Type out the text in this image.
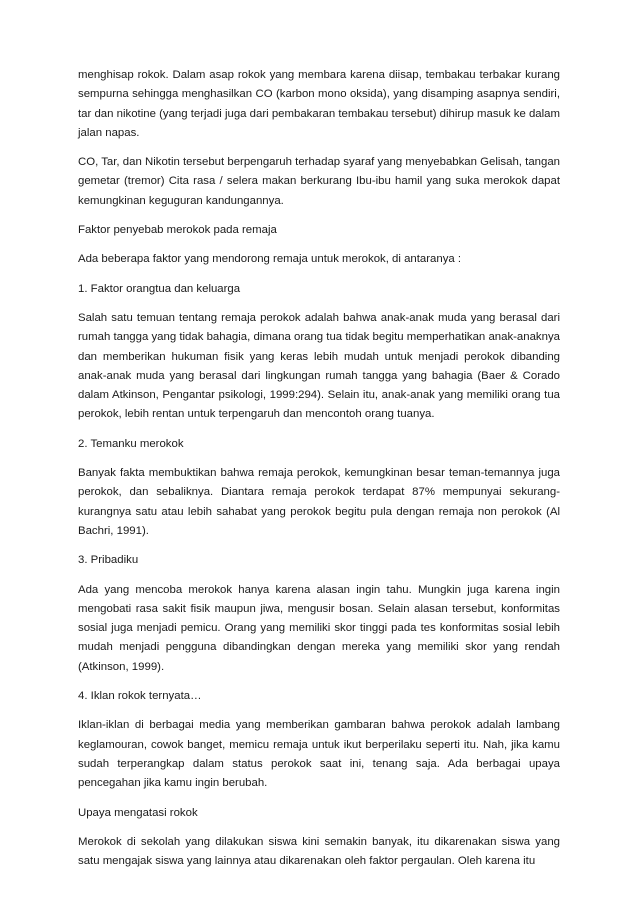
menghisap rokok. Dalam asap rokok yang membara karena diisap, tembakau terbakar kurang sempurna sehingga menghasilkan CO (karbon mono oksida), yang disamping asapnya sendiri, tar dan nikotine (yang terjadi juga dari pembakaran tembakau tersebut) dihirup masuk ke dalam jalan napas.

CO, Tar, dan Nikotin tersebut berpengaruh terhadap syaraf yang menyebabkan Gelisah, tangan gemetar (tremor) Cita rasa / selera makan berkurang Ibu-ibu hamil yang suka merokok dapat kemungkinan keguguran kandungannya.

Faktor penyebab merokok pada remaja

Ada beberapa faktor yang mendorong remaja untuk merokok, di antaranya :

1. Faktor orangtua dan keluarga

Salah satu temuan tentang remaja perokok adalah bahwa anak-anak muda yang berasal dari rumah tangga yang tidak bahagia, dimana orang tua tidak begitu memperhatikan anak-anaknya dan memberikan hukuman fisik yang keras lebih mudah untuk menjadi perokok dibanding anak-anak muda yang berasal dari lingkungan rumah tangga yang bahagia (Baer & Corado dalam Atkinson, Pengantar psikologi, 1999:294). Selain itu, anak-anak yang memiliki orang tua perokok, lebih rentan untuk terpengaruh dan mencontoh orang tuanya.

2. Temanku merokok

Banyak fakta membuktikan bahwa remaja perokok, kemungkinan besar teman-temannya juga perokok, dan sebaliknya. Diantara remaja perokok terdapat 87% mempunyai sekurang-kurangnya satu atau lebih sahabat yang perokok begitu pula dengan remaja non perokok (Al Bachri, 1991).

3. Pribadiku

Ada yang mencoba merokok hanya karena alasan ingin tahu. Mungkin juga karena ingin mengobati rasa sakit fisik maupun jiwa, mengusir bosan. Selain alasan tersebut, konformitas sosial juga menjadi pemicu. Orang yang memiliki skor tinggi pada tes konformitas sosial lebih mudah menjadi pengguna dibandingkan dengan mereka yang memiliki skor yang rendah (Atkinson, 1999).

4. Iklan rokok ternyata…

Iklan-iklan di berbagai media yang memberikan gambaran bahwa perokok adalah lambang keglamouran, cowok banget, memicu remaja untuk ikut berperilaku seperti itu. Nah, jika kamu sudah terperangkap dalam status perokok saat ini, tenang saja. Ada berbagai upaya pencegahan jika kamu ingin berubah.

Upaya mengatasi rokok

Merokok di sekolah yang dilakukan siswa kini semakin banyak, itu dikarenakan siswa yang satu mengajak siswa yang lainnya atau dikarenakan oleh faktor pergaulan. Oleh karena itu
